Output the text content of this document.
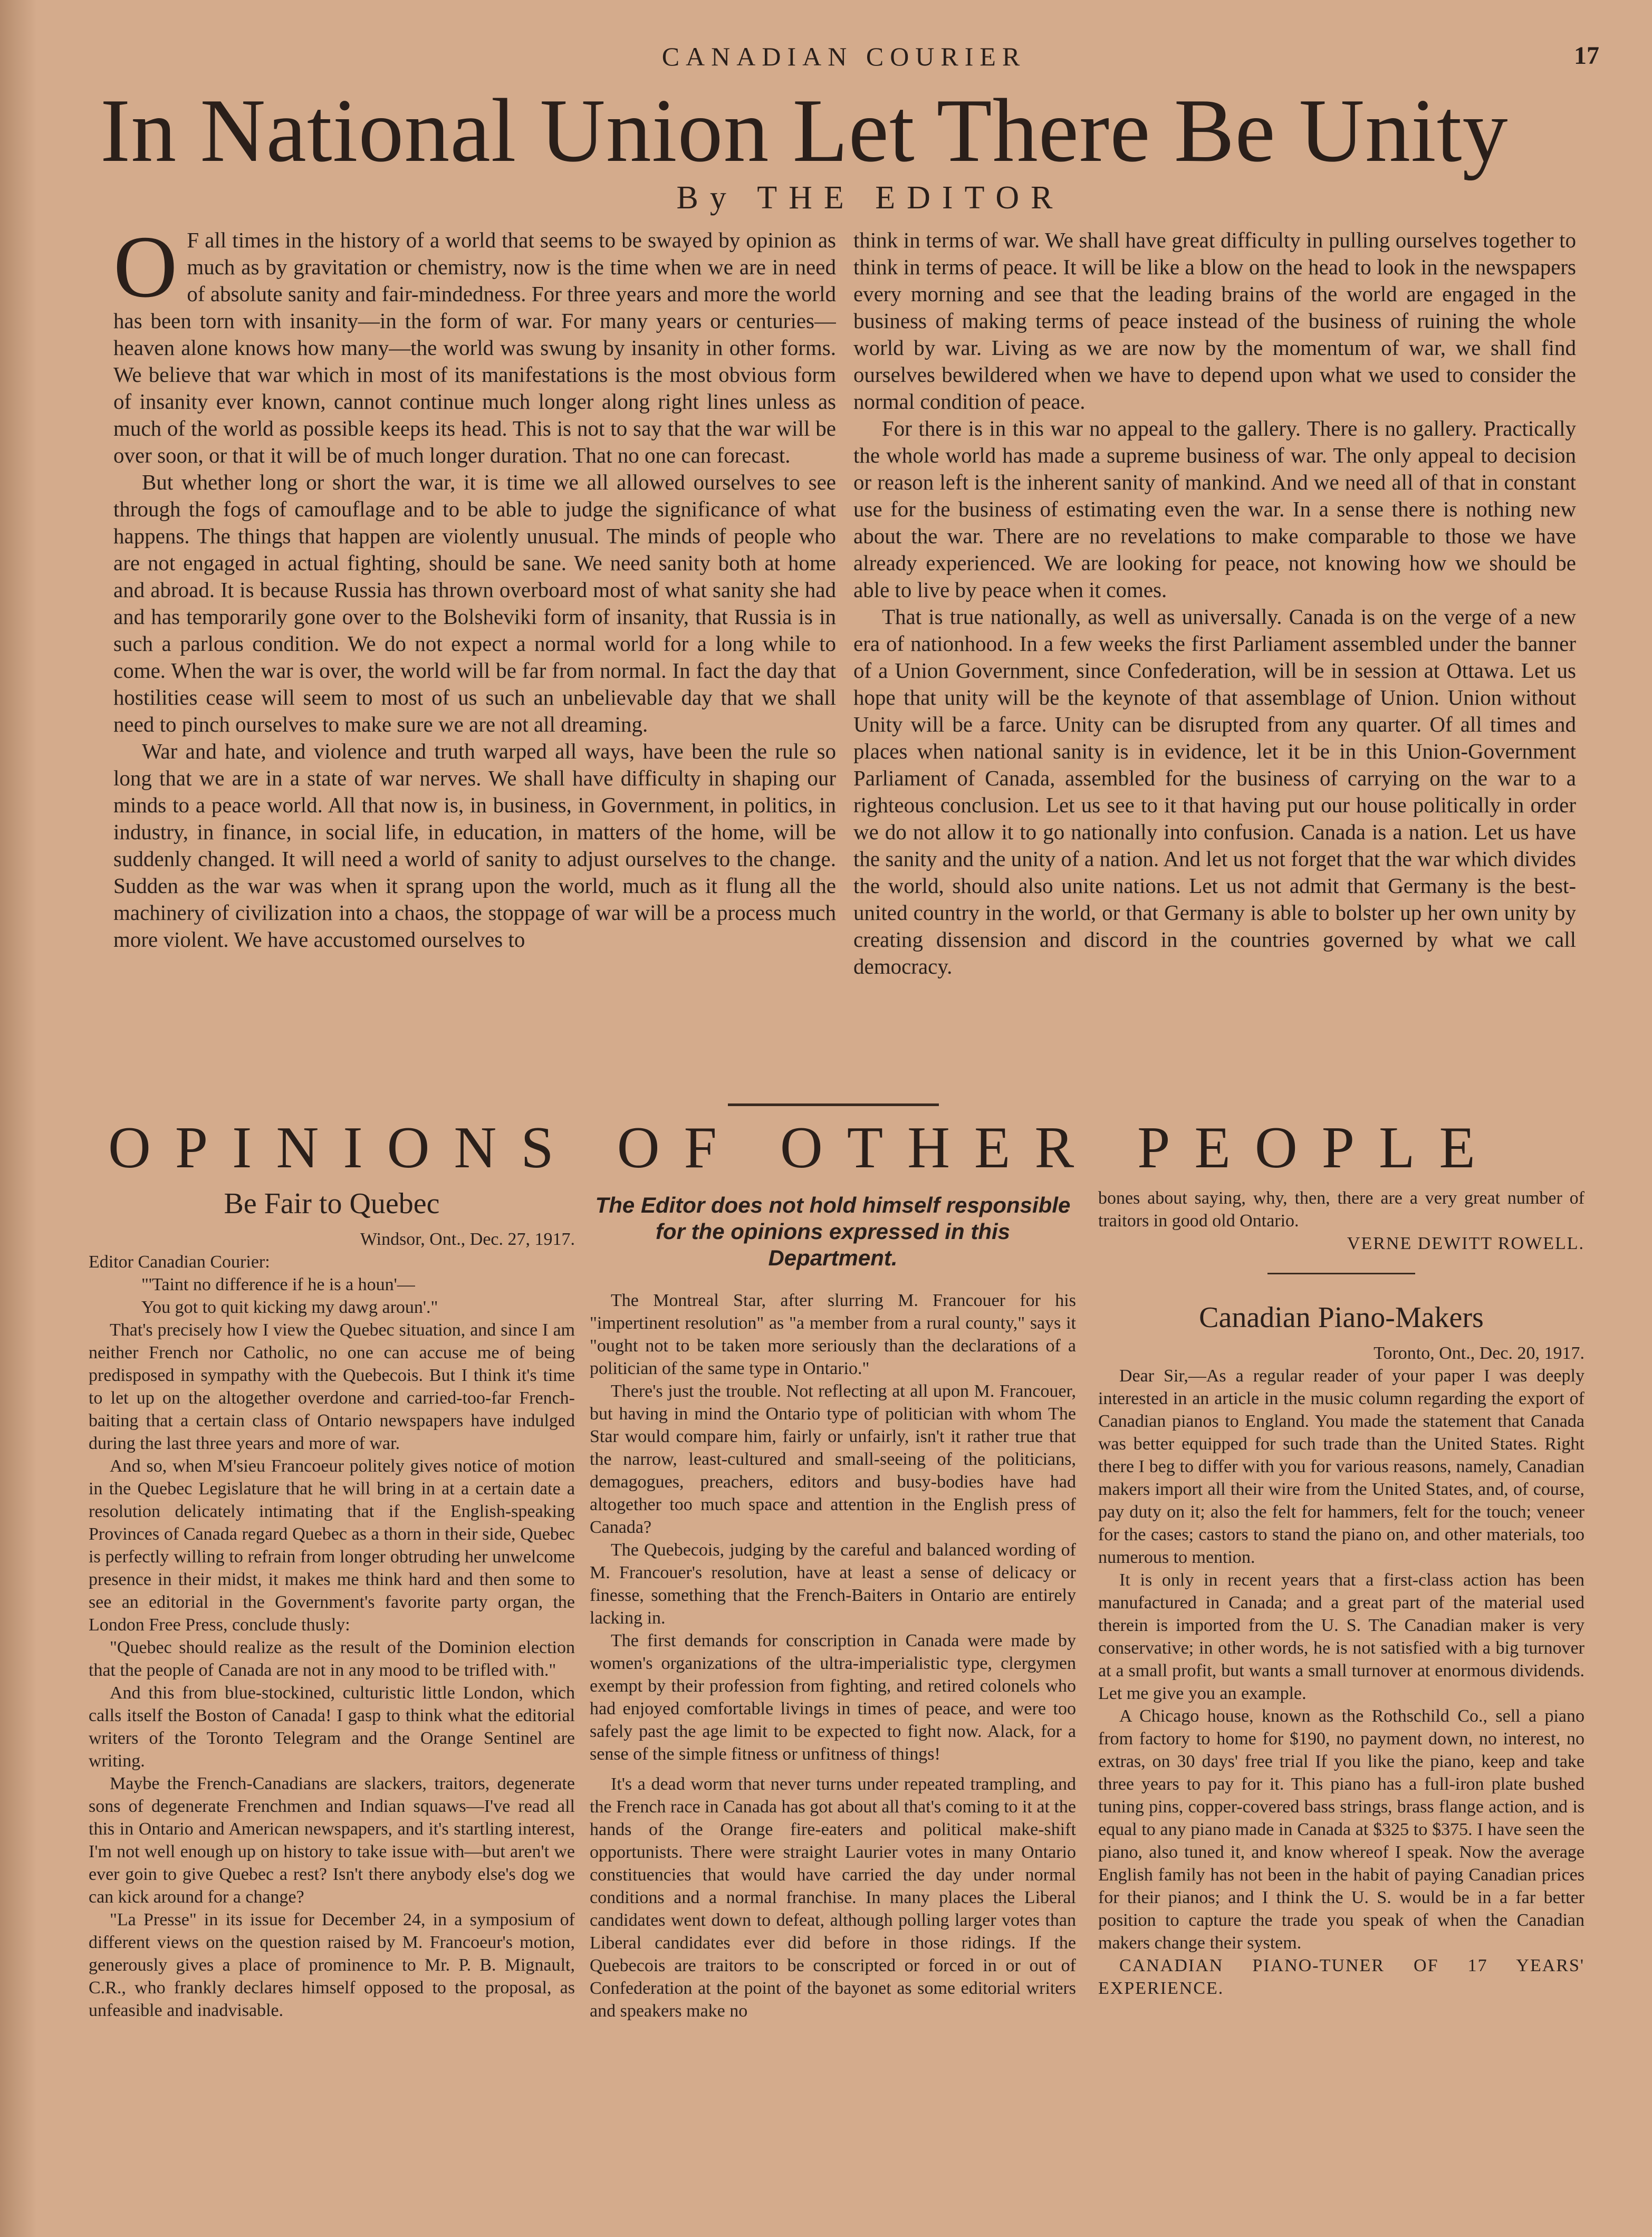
CANADIAN COURIER	17
In National Union Let There Be Unity
By THE EDITOR

O F all times in the history of a world that seems to be swayed by opinion as much as by gravitation or chemistry, now is the time when we are in need of absolute sanity and fair-mindedness. For three years and more the world has been torn with insanity—in the form of war. For many years or centuries—heaven alone knows how many—the world was swung by insanity in other forms. We believe that war which in most of its manifestations is the most obvious form of insanity ever known, cannot continue much longer along right lines unless as much of the world as possible keeps its head. This is not to say that the war will be over soon, or that it will be of much longer duration. That no one can forecast.

But whether long or short the war, it is time we all allowed ourselves to see through the fogs of camouflage and to be able to judge the significance of what happens. The things that happen are violently unusual. The minds of people who are not engaged in actual fighting, should be sane. We need sanity both at home and abroad. It is because Russia has thrown overboard most of what sanity she had and has temporarily gone over to the Bolsheviki form of insanity, that Russia is in such a parlous condition. We do not expect a normal world for a long while to come. When the war is over, the world will be far from normal. In fact the day that hostilities cease will seem to most of us such an unbelievable day that we shall need to pinch ourselves to make sure we are not all dreaming.

War and hate, and violence and truth warped all ways, have been the rule so long that we are in a state of war nerves. We shall have difficulty in shaping our minds to a peace world. All that now is, in business, in Government, in politics, in industry, in finance, in social life, in education, in matters of the home, will be suddenly changed. It will need a world of sanity to adjust ourselves to the change. Sudden as the war was when it sprang upon the world, much as it flung all the machinery of civilization into a chaos, the stoppage of war will be a process much more violent. We have accustomed ourselves to

think in terms of war. We shall have great difficulty in pulling ourselves together to think in terms of peace. It will be like a blow on the head to look in the newspapers every morning and see that the leading brains of the world are engaged in the business of making terms of peace instead of the business of ruining the whole world by war. Living as we are now by the momentum of war, we shall find ourselves bewildered when we have to depend upon what we used to consider the normal condition of peace.

For there is in this war no appeal to the gallery. There is no gallery. Practically the whole world has made a supreme business of war. The only appeal to decision or reason left is the inherent sanity of mankind. And we need all of that in constant use for the business of estimating even the war. In a sense there is nothing new about the war. There are no revelations to make comparable to those we have already experienced. We are looking for peace, not knowing how we should be able to live by peace when it comes.

That is true nationally, as well as universally. Canada is on the verge of a new era of nationhood. In a few weeks the first Parliament assembled under the banner of a Union Government, since Confederation, will be in session at Ottawa. Let us hope that unity will be the keynote of that assemblage of Union. Union without Unity will be a farce. Unity can be disrupted from any quarter. Of all times and places when national sanity is in evidence, let it be in this Union-Government Parliament of Canada, assembled for the business of carrying on the war to a righteous conclusion. Let us see to it that having put our house politically in order we do not allow it to go nationally into confusion. Canada is a nation. Let us have the sanity and the unity of a nation. And let us not forget that the war which divides the world, should also unite nations. Let us not admit that Germany is the best-united country in the world, or that Germany is able to bolster up her own unity by creating dissension and discord in the countries governed by what we call democracy.

OPINIONS OF OTHER PEOPLE
Be Fair to Quebec

Windsor, Ont., Dec. 27, 1917.

Editor Canadian Courier:

"'Taint no difference if he is a houn'—

You got to quit kicking my dawg aroun'."

That's precisely how I view the Quebec situation, and since I am neither French nor Catholic, no one can accuse me of being predisposed in sympathy with the Quebecois. But I think it's time to let up on the altogether overdone and carried-too-far French-baiting that a certain class of Ontario newspapers have indulged during the last three years and more of war.

And so, when M'sieu Francoeur politely gives notice of motion in the Quebec Legislature that he will bring in at a certain date a resolution delicately intimating that if the English-speaking Provinces of Canada regard Quebec as a thorn in their side, Quebec is perfectly willing to refrain from longer obtruding her unwelcome presence in their midst, it makes me think hard and then some to see an editorial in the Government's favorite party organ, the London Free Press, conclude thusly:

"Quebec should realize as the result of the Dominion election that the people of Canada are not in any mood to be trifled with."

And this from blue-stockined, culturistic little London, which calls itself the Boston of Canada! I gasp to think what the editorial writers of the Toronto Telegram and the Orange Sentinel are writing.

Maybe the French-Canadians are slackers, traitors, degenerate sons of degenerate Frenchmen and Indian squaws—I've read all this in Ontario and American newspapers, and it's startling interest, I'm not well enough up on history to take issue with—but aren't we ever goin to give Quebec a rest? Isn't there anybody else's dog we can kick around for a change?

"La Presse" in its issue for December 24, in a symposium of different views on the question raised by M. Francoeur's motion, generously gives a place of prominence to Mr. P. B. Mignault, C.R., who frankly declares himself opposed to the proposal, as unfeasible and inadvisable.

The Editor does not hold himself responsible for the opinions expressed in this Department.

The Montreal Star, after slurring M. Francouer for his "impertinent resolution" as "a member from a rural county," says it "ought not to be taken more seriously than the declarations of a politician of the same type in Ontario."

There's just the trouble. Not reflecting at all upon M. Francouer, but having in mind the Ontario type of politician with whom The Star would compare him, fairly or unfairly, isn't it rather true that the narrow, least-cultured and small-seeing of the politicians, demagogues, preachers, editors and busy-bodies have had altogether too much space and attention in the English press of Canada?

The Quebecois, judging by the careful and balanced wording of M. Francouer's resolution, have at least a sense of delicacy or finesse, something that the French-Baiters in Ontario are entirely lacking in.

The first demands for conscription in Canada were made by women's organizations of the ultra-imperialistic type, clergymen exempt by their profession from fighting, and retired colonels who had enjoyed comfortable livings in times of peace, and were too safely past the age limit to be expected to fight now. Alack, for a sense of the simple fitness or unfitness of things!

It's a dead worm that never turns under repeated trampling, and the French race in Canada has got about all that's coming to it at the hands of the Orange fire-eaters and political make-shift opportunists. There were straight Laurier votes in many Ontario constituencies that would have carried the day under normal conditions and a normal franchise. In many places the Liberal candidates went down to defeat, although polling larger votes than Liberal candidates ever did before in those ridings. If the Quebecois are traitors to be conscripted or forced in or out of Confederation at the point of the bayonet as some editorial writers and speakers make no

bones about saying, why, then, there are a very great number of traitors in good old Ontario.

VERNE DEWITT ROWELL.

Canadian Piano-Makers

Toronto, Ont., Dec. 20, 1917.

Dear Sir,—As a regular reader of your paper I was deeply interested in an article in the music column regarding the export of Canadian pianos to England. You made the statement that Canada was better equipped for such trade than the United States. Right there I beg to differ with you for various reasons, namely, Canadian makers import all their wire from the United States, and, of course, pay duty on it; also the felt for hammers, felt for the touch; veneer for the cases; castors to stand the piano on, and other materials, too numerous to mention.

It is only in recent years that a first-class action has been manufactured in Canada; and a great part of the material used therein is imported from the U. S. The Canadian maker is very conservative; in other words, he is not satisfied with a big turnover at a small profit, but wants a small turnover at enormous dividends. Let me give you an example.

A Chicago house, known as the Rothschild Co., sell a piano from factory to home for $190, no payment down, no interest, no extras, on 30 days' free trial If you like the piano, keep and take three years to pay for it. This piano has a full-iron plate bushed tuning pins, copper-covered bass strings, brass flange action, and is equal to any piano made in Canada at $325 to $375. I have seen the piano, also tuned it, and know whereof I speak. Now the average English family has not been in the habit of paying Canadian prices for their pianos; and I think the U. S. would be in a far better position to capture the trade you speak of when the Canadian makers change their system.

CANADIAN PIANO-TUNER OF 17 YEARS' EXPERIENCE.
